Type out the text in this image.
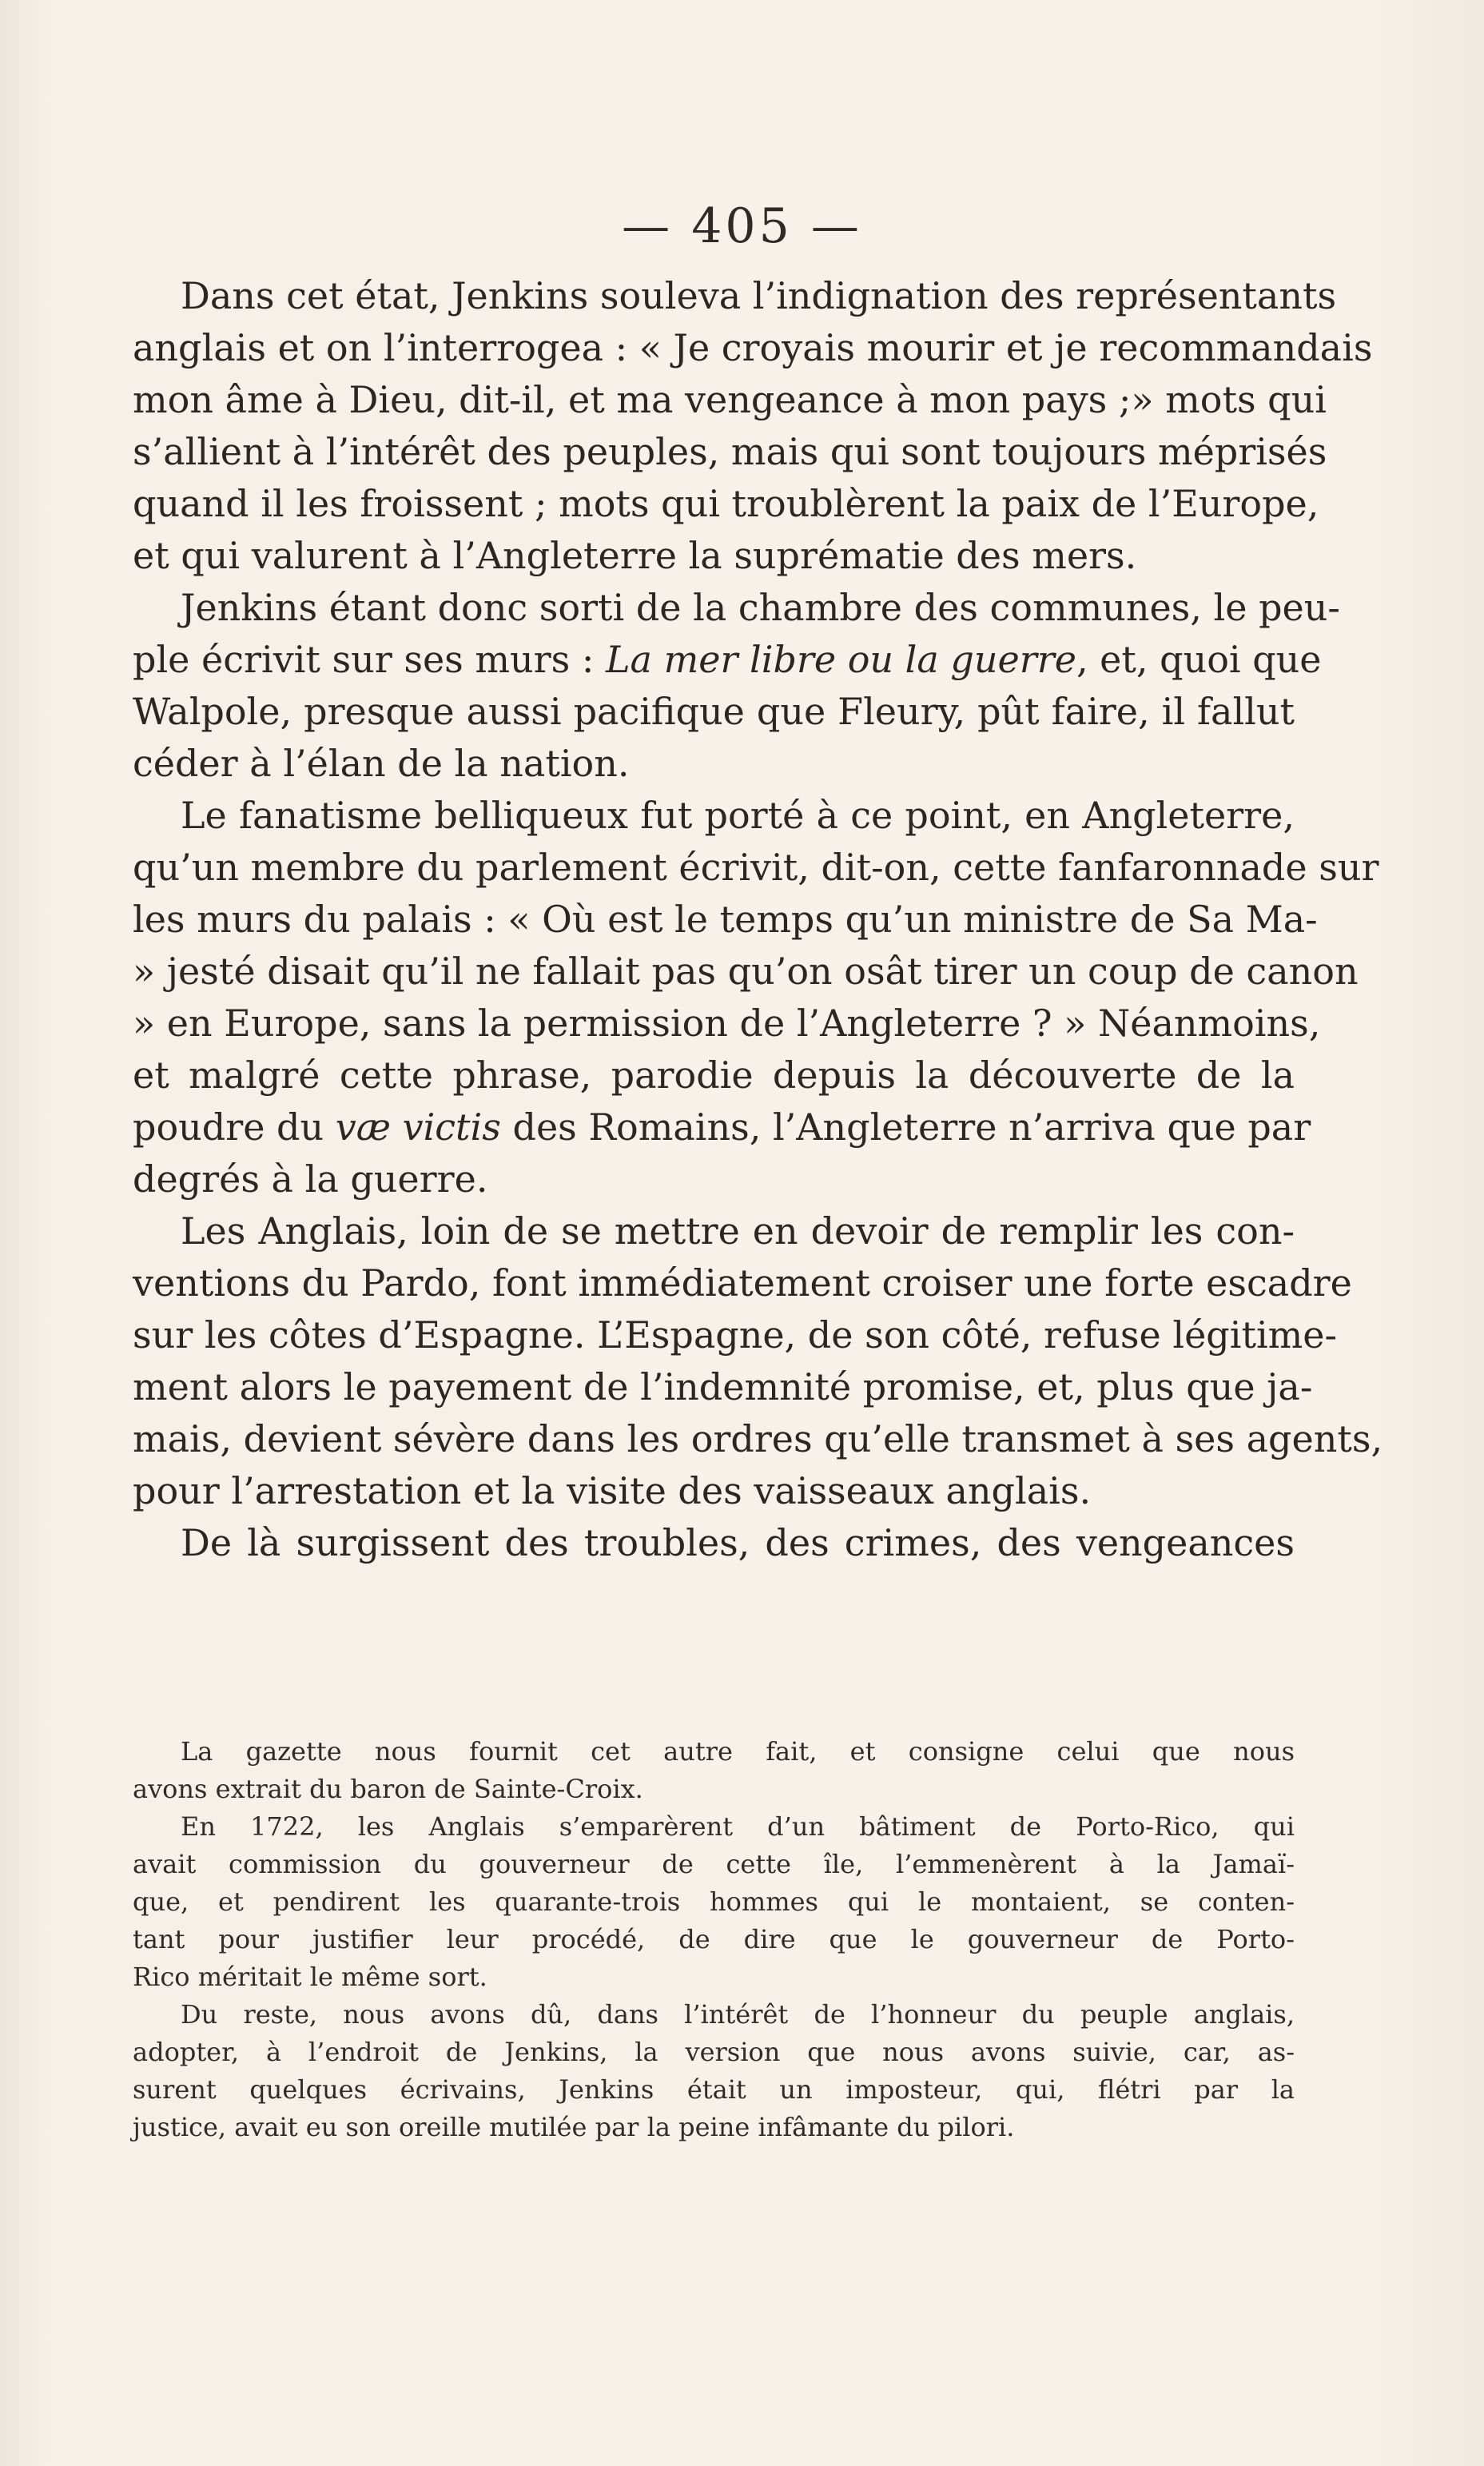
— 405 —
Dans cet état, Jenkins souleva l’indignation des représentants
anglais et on l’interrogea : « Je croyais mourir et je recommandais
mon âme à Dieu, dit-il, et ma vengeance à mon pays ;» mots qui
s’allient à l’intérêt des peuples, mais qui sont toujours méprisés
quand il les froissent ; mots qui troublèrent la paix de l’Europe,
et qui valurent à l’Angleterre la suprématie des mers.
Jenkins étant donc sorti de la chambre des communes, le peu-
ple écrivit sur ses murs : La mer libre ou la guerre, et, quoi que
Walpole, presque aussi pacifique que Fleury, pût faire, il fallut
céder à l’élan de la nation.
Le fanatisme belliqueux fut porté à ce point, en Angleterre,
qu’un membre du parlement écrivit, dit-on, cette fanfaronnade sur
les murs du palais : « Où est le temps qu’un ministre de Sa Ma-
» jesté disait qu’il ne fallait pas qu’on osât tirer un coup de canon
» en Europe, sans la permission de l’Angleterre ? » Néanmoins,
et malgré cette phrase, parodie depuis la découverte de la
poudre du væ victis des Romains, l’Angleterre n’arriva que par
degrés à la guerre.
Les Anglais, loin de se mettre en devoir de remplir les con-
ventions du Pardo, font immédiatement croiser une forte escadre
sur les côtes d’Espagne. L’Espagne, de son côté, refuse légitime-
ment alors le payement de l’indemnité promise, et, plus que ja-
mais, devient sévère dans les ordres qu’elle transmet à ses agents,
pour l’arrestation et la visite des vaisseaux anglais.
De là surgissent des troubles, des crimes, des vengeances
La gazette nous fournit cet autre fait, et consigne celui que nous
avons extrait du baron de Sainte-Croix.
En 1722, les Anglais s’emparèrent d’un bâtiment de Porto-Rico, qui
avait commission du gouverneur de cette île, l’emmenèrent à la Jamaï-
que, et pendirent les quarante-trois hommes qui le montaient, se conten-
tant pour justifier leur procédé, de dire que le gouverneur de Porto-
Rico méritait le même sort.
Du reste, nous avons dû, dans l’intérêt de l’honneur du peuple anglais,
adopter, à l’endroit de Jenkins, la version que nous avons suivie, car, as-
surent quelques écrivains, Jenkins était un imposteur, qui, flétri par la
justice, avait eu son oreille mutilée par la peine infâmante du pilori.
